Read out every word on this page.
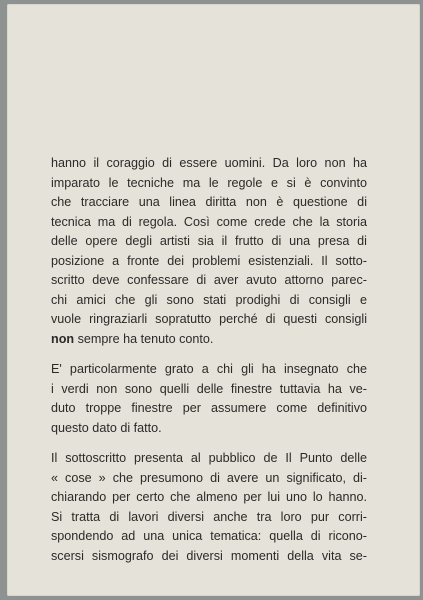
hanno il coraggio di essere uomini. Da loro non ha
imparato le tecniche ma le regole e si è convinto
che tracciare una linea diritta non è questione di
tecnica ma di regola. Così come crede che la storia
delle opere degli artisti sia il frutto di una presa di
posizione a fronte dei problemi esistenziali. Il sotto-
scritto deve confessare di aver avuto attorno parec-
chi amici che gli sono stati prodighi di consigli e
vuole ringraziarli sopratutto perché di questi consigli
non sempre ha tenuto conto.
E' particolarmente grato a chi gli ha insegnato che
i verdi non sono quelli delle finestre tuttavia ha ve-
duto troppe finestre per assumere come definitivo
questo dato di fatto.
Il sottoscritto presenta al pubblico de Il Punto delle
« cose » che presumono di avere un significato, di-
chiarando per certo che almeno per lui uno lo hanno.
Si tratta di lavori diversi anche tra loro pur corri-
spondendo ad una unica tematica: quella di ricono-
scersi sismografo dei diversi momenti della vita se-
